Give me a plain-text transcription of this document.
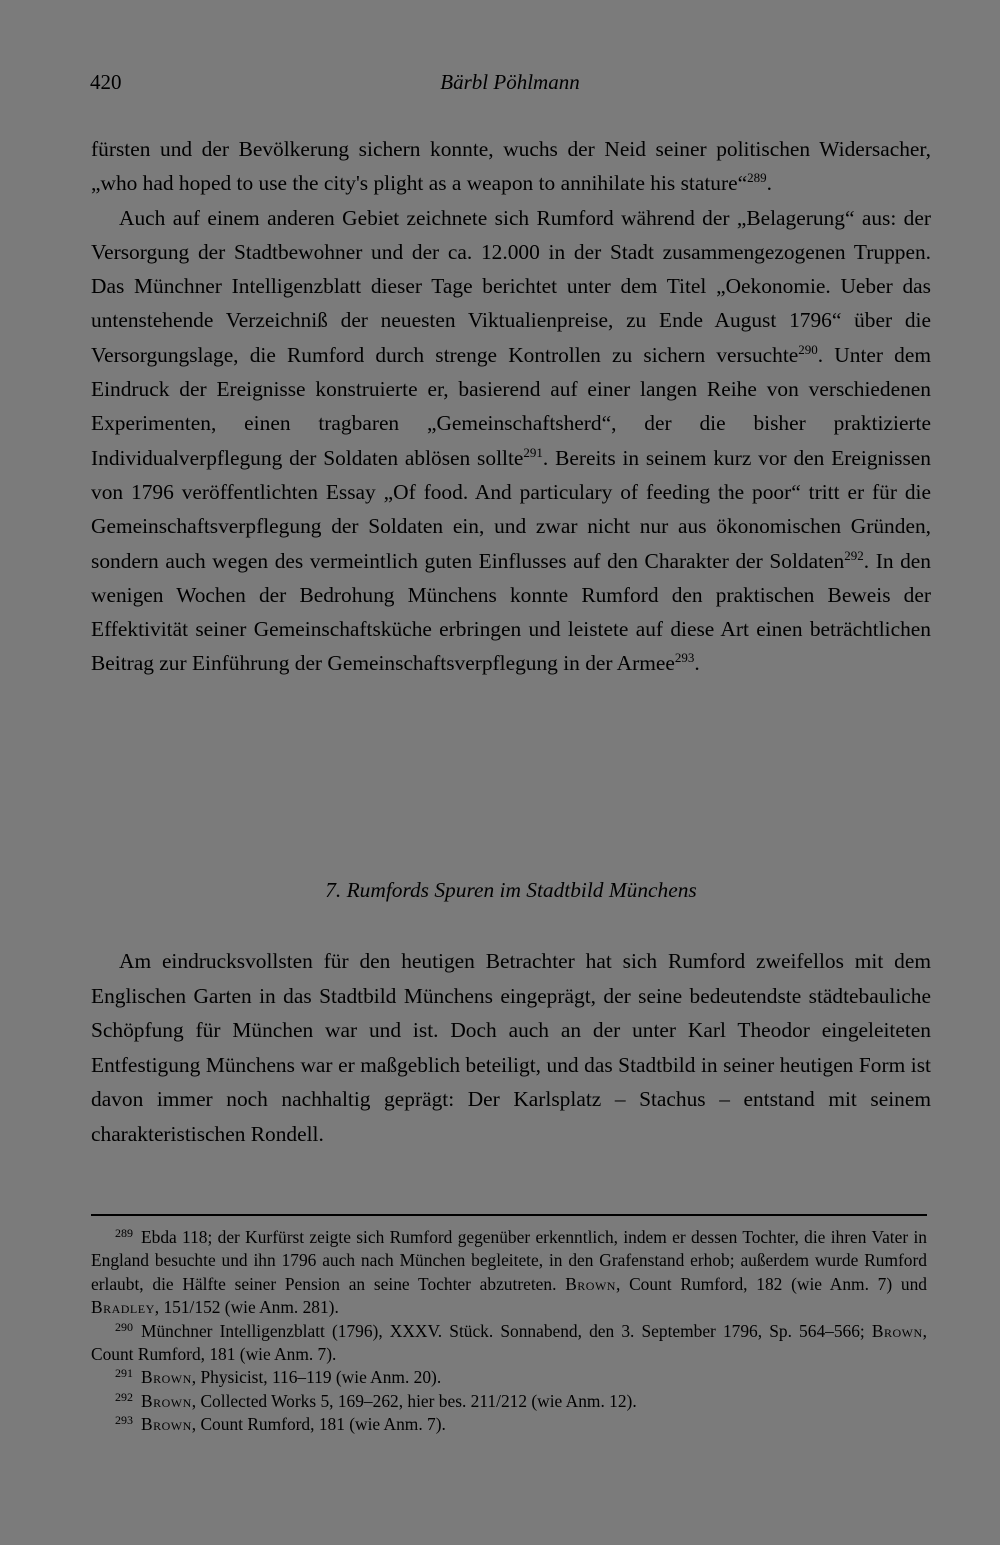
420	Bärbl Pöhlmann

fürsten und der Bevölkerung sichern konnte, wuchs der Neid seiner politischen Widersacher, „who had hoped to use the city's plight as a weapon to annihilate his stature“$^{289}$.

Auch auf einem anderen Gebiet zeichnete sich Rumford während der „Belagerung“ aus: der Versorgung der Stadtbewohner und der ca. 12.000 in der Stadt zusammengezogenen Truppen. Das Münchner Intelligenzblatt dieser Tage berichtet unter dem Titel „Oekonomie. Ueber das untenstehende Verzeichniß der neuesten Viktualienpreise, zu Ende August 1796“ über die Versorgungslage, die Rumford durch strenge Kontrollen zu sichern versuchte$^{290}$. Unter dem Eindruck der Ereignisse konstruierte er, basierend auf einer langen Reihe von verschiedenen Experimenten, einen tragbaren „Gemeinschaftsherd“, der die bisher praktizierte Individualverpflegung der Soldaten ablösen sollte$^{291}$. Bereits in seinem kurz vor den Ereignissen von 1796 veröffentlichten Essay „Of food. And particulary of feeding the poor“ tritt er für die Gemeinschaftsverpflegung der Soldaten ein, und zwar nicht nur aus ökonomischen Gründen, sondern auch wegen des vermeintlich guten Einflusses auf den Charakter der Soldaten$^{292}$. In den wenigen Wochen der Bedrohung Münchens konnte Rumford den praktischen Beweis der Effektivität seiner Gemeinschaftsküche erbringen und leistete auf diese Art einen beträchtlichen Beitrag zur Einführung der Gemeinschaftsverpflegung in der Armee$^{293}$.

7. Rumfords Spuren im Stadtbild Münchens

Am eindrucksvollsten für den heutigen Betrachter hat sich Rumford zweifellos mit dem Englischen Garten in das Stadtbild Münchens eingeprägt, der seine bedeutendste städtebauliche Schöpfung für München war und ist. Doch auch an der unter Karl Theodor eingeleiteten Entfestigung Münchens war er maßgeblich beteiligt, und das Stadtbild in seiner heutigen Form ist davon immer noch nachhaltig geprägt: Der Karlsplatz – Stachus – entstand mit seinem charakteristischen Rondell.

$^{289}$ Ebda 118; der Kurfürst zeigte sich Rumford gegenüber erkenntlich, indem er dessen Tochter, die ihren Vater in England besuchte und ihn 1796 auch nach München begleitete, in den Grafenstand erhob; außerdem wurde Rumford erlaubt, die Hälfte seiner Pension an seine Tochter abzutreten. Brown, Count Rumford, 182 (wie Anm. 7) und Bradley, 151/152 (wie Anm. 281).

$^{290}$ Münchner Intelligenzblatt (1796), XXXV. Stück. Sonnabend, den 3. September 1796, Sp. 564–566; Brown, Count Rumford, 181 (wie Anm. 7).

$^{291}$ Brown, Physicist, 116–119 (wie Anm. 20).

$^{292}$ Brown, Collected Works 5, 169–262, hier bes. 211/212 (wie Anm. 12).

$^{293}$ Brown, Count Rumford, 181 (wie Anm. 7).
